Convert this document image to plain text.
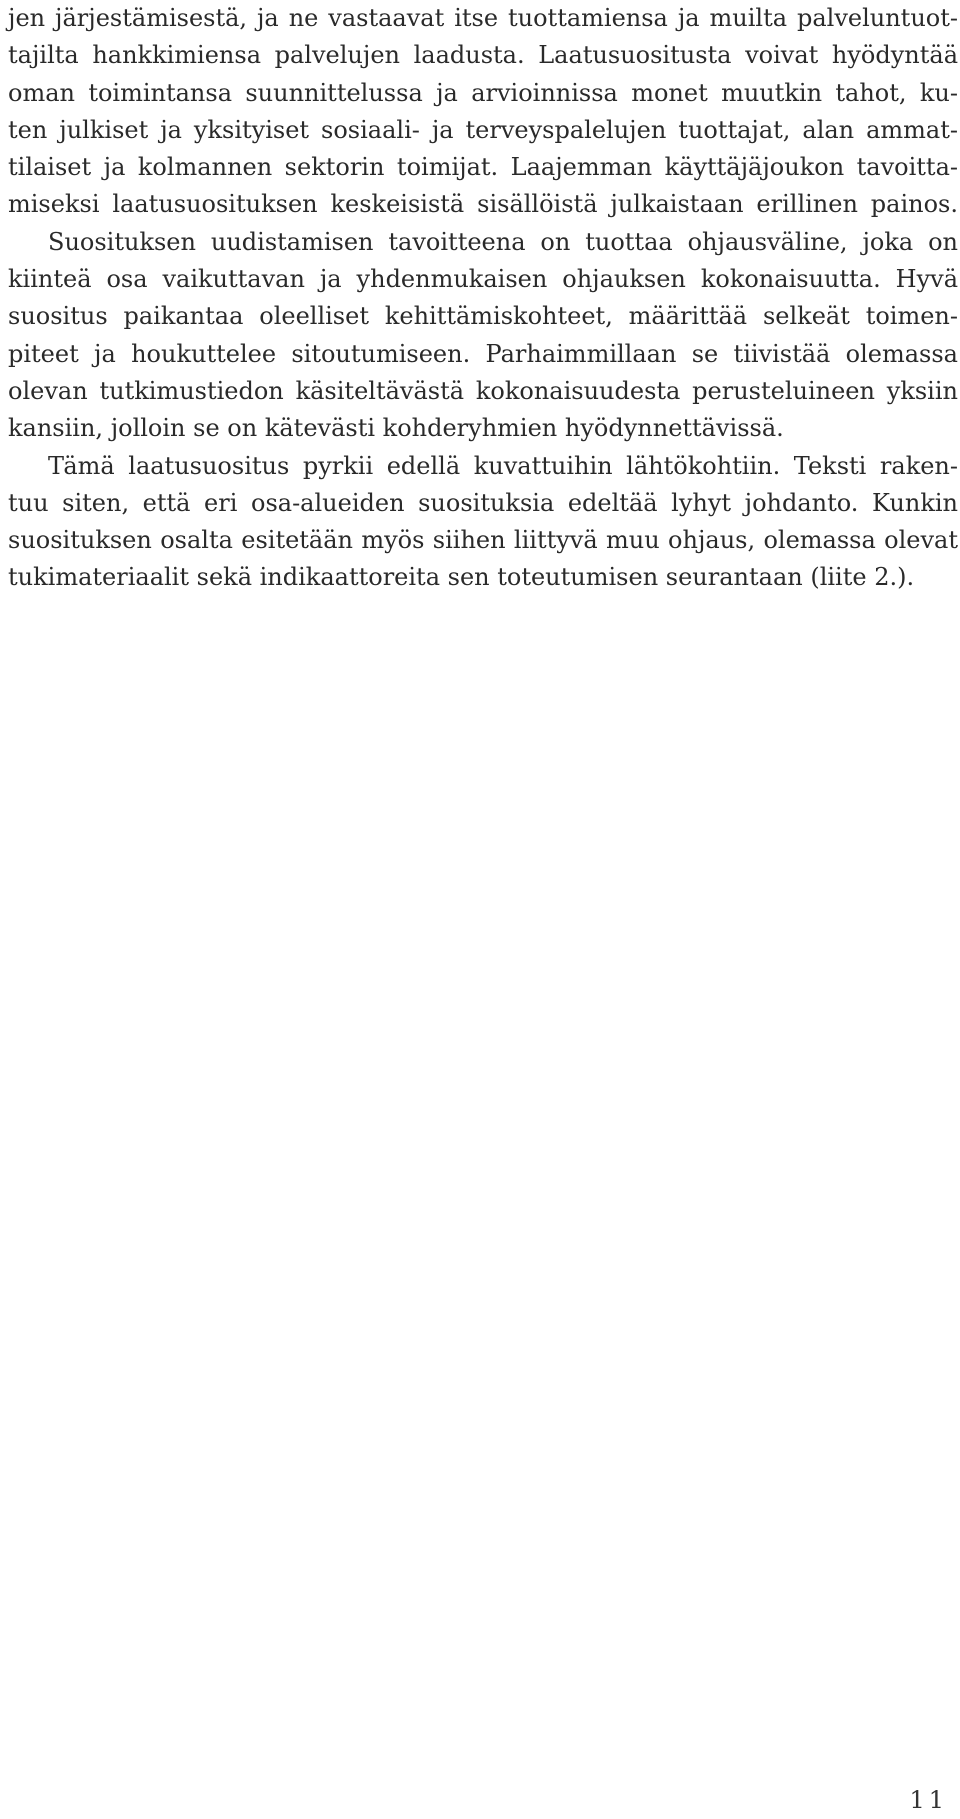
jen järjestämisestä, ja ne vastaavat itse tuottamiensa ja muilta palveluntuot-
tajilta hankkimiensa palvelujen laadusta. Laatusuositusta voivat hyödyntää
oman toimintansa suunnittelussa ja arvioinnissa monet muutkin tahot, ku-
ten julkiset ja yksityiset sosiaali- ja terveyspalelujen tuottajat, alan ammat-
tilaiset ja kolmannen sektorin toimijat. Laajemman käyttäjäjoukon tavoitta-
miseksi laatusuosituksen keskeisistä sisällöistä julkaistaan erillinen painos.
Suosituksen uudistamisen tavoitteena on tuottaa ohjausväline, joka on
kiinteä osa vaikuttavan ja yhdenmukaisen ohjauksen kokonaisuutta. Hyvä
suositus paikantaa oleelliset kehittämiskohteet, määrittää selkeät toimen-
piteet ja houkuttelee sitoutumiseen. Parhaimmillaan se tiivistää olemassa
olevan tutkimustiedon käsiteltävästä kokonaisuudesta perusteluineen yksiin
kansiin, jolloin se on kätevästi kohderyhmien hyödynnettävissä.
Tämä laatusuositus pyrkii edellä kuvattuihin lähtökohtiin. Teksti raken-
tuu siten, että eri osa-alueiden suosituksia edeltää lyhyt johdanto. Kunkin
suosituksen osalta esitetään myös siihen liittyvä muu ohjaus, olemassa olevat
tukimateriaalit sekä indikaattoreita sen toteutumisen seurantaan (liite 2.).
11
